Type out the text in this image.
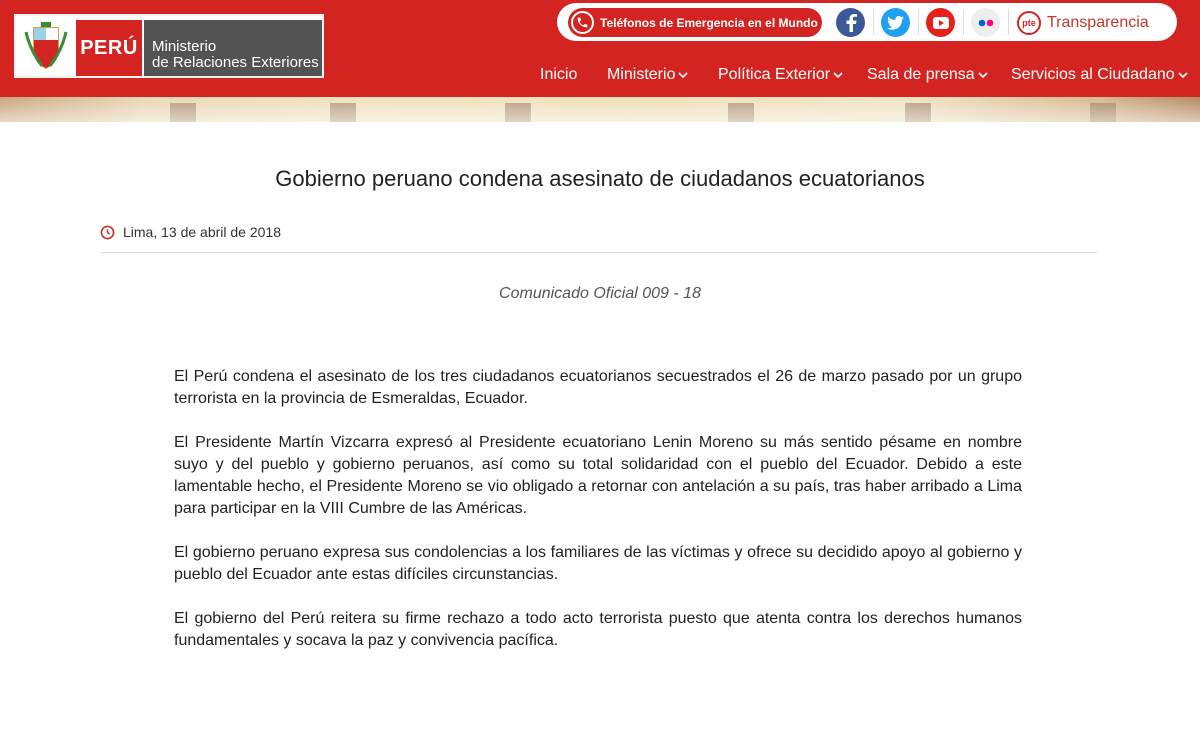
PERÚ Ministerio
de Relaciones Exteriores
Teléfonos de Emergencia en el Mundo	pte Transparencia
Inicio Ministerio	Política Exterior Sala de prensa Servicios al Ciudadano
Gobierno peruano condena asesinato de ciudadanos ecuatorianos
Lima, 13 de abril de 2018
Comunicado Oficial 009 - 18

El Perú condena el asesinato de los tres ciudadanos ecuatorianos secuestrados el 26 de marzo pasado por un grupo terrorista en la provincia de Esmeraldas, Ecuador.

El Presidente Martín Vizcarra expresó al Presidente ecuatoriano Lenin Moreno su más sentido pésame en nombre suyo y del pueblo y gobierno peruanos, así como su total solidaridad con el pueblo del Ecuador. Debido a este lamentable hecho, el Presidente Moreno se vio obligado a retornar con antelación a su país, tras haber arribado a Lima para participar en la VIII Cumbre de las Américas.

El gobierno peruano expresa sus condolencias a los familiares de las víctimas y ofrece su decidido apoyo al gobierno y pueblo del Ecuador ante estas difíciles circunstancias.

El gobierno del Perú reitera su firme rechazo a todo acto terrorista puesto que atenta contra los derechos humanos fundamentales y socava la paz y convivencia pacífica.
